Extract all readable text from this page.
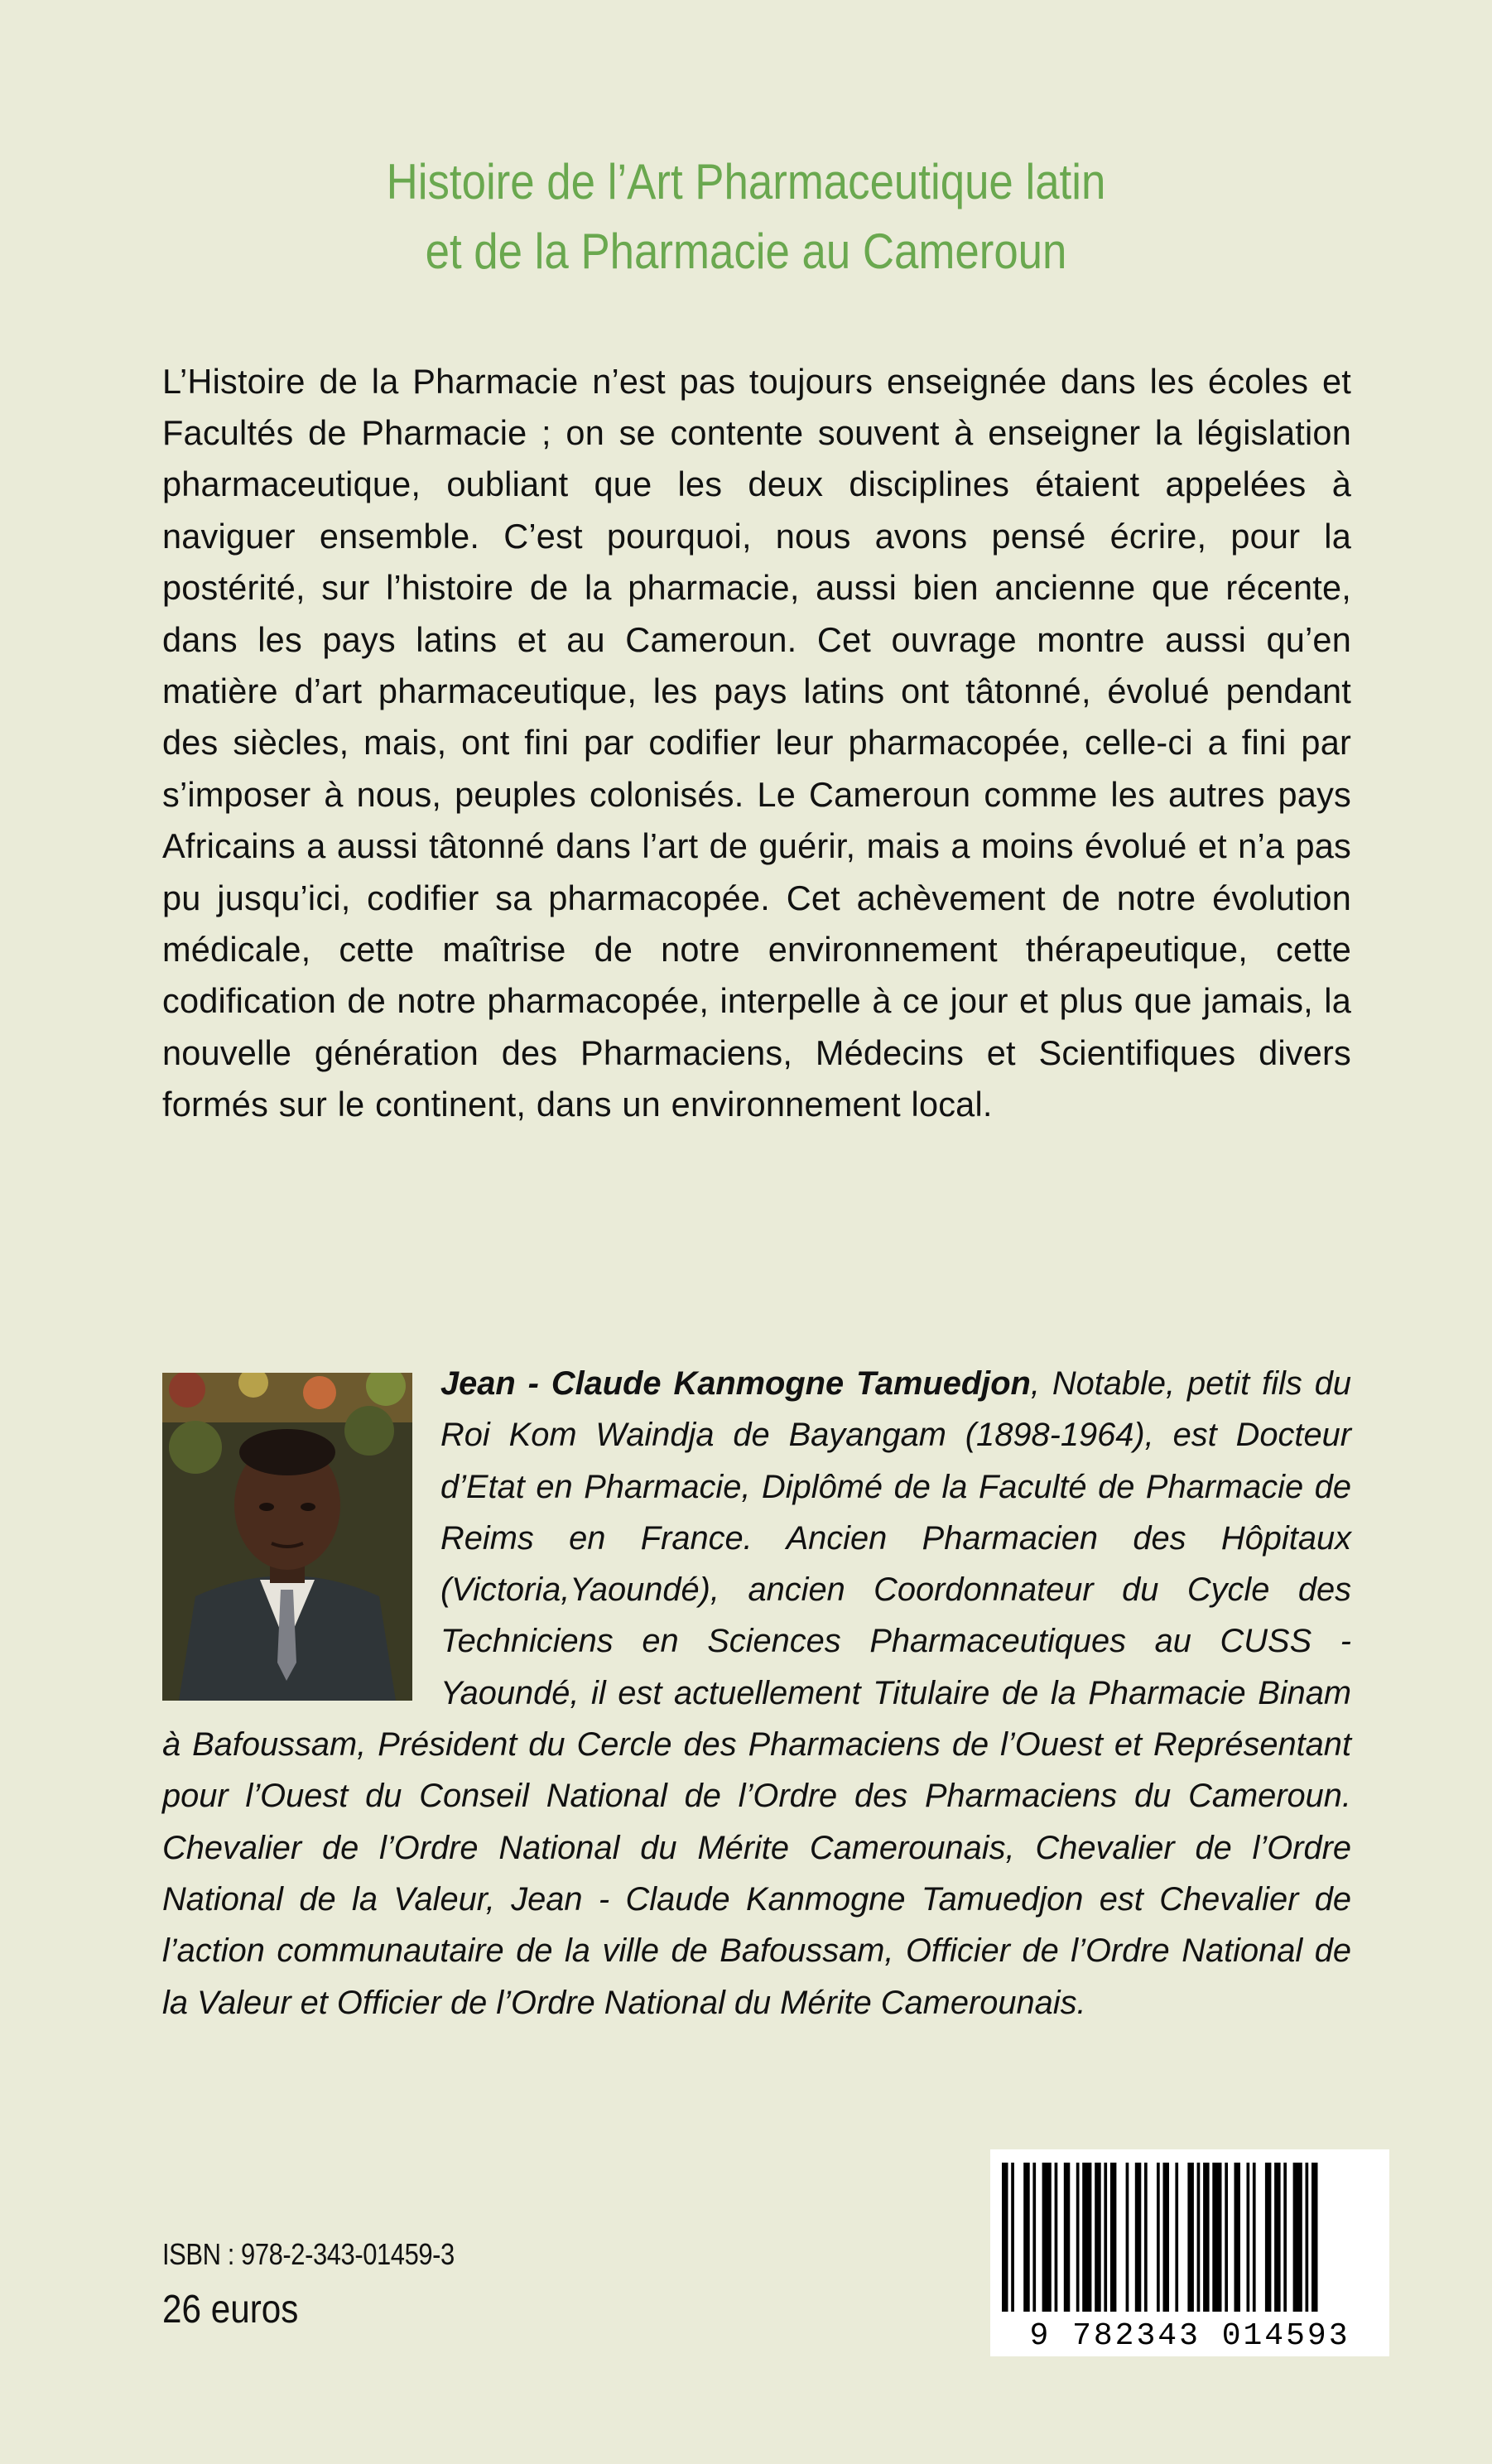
Histoire de l’Art Pharmaceutique latin
et de la Pharmacie au Cameroun

L’Histoire de la Pharmacie n’est pas toujours enseignée dans les écoles et Facultés de Pharmacie ; on se contente souvent à enseigner la législation pharmaceutique, oubliant que les deux disciplines étaient appelées à naviguer ensemble. C’est pourquoi, nous avons pensé écrire, pour la postérité, sur l’histoire de la pharmacie, aussi bien ancienne que récente, dans les pays latins et au Cameroun. Cet ouvrage montre aussi qu’en matière d’art pharmaceutique, les pays latins ont tâtonné, évolué pendant des siècles, mais, ont fini par codifier leur pharmacopée, celle-ci a fini par s’imposer à nous, peuples colonisés. Le Cameroun comme les autres pays Africains a aussi tâtonné dans l’art de guérir, mais a moins évolué et n’a pas pu jusqu’ici, codifier sa pharmacopée. Cet achèvement de notre évolution médicale, cette maîtrise de notre environnement thérapeutique, cette codification de notre pharmacopée, interpelle à ce jour et plus que jamais, la nouvelle génération des Pharmaciens, Médecins et Scientifiques divers formés sur le continent, dans un environnement local.

Jean - Claude Kanmogne Tamuedjon, Notable, petit fils du Roi Kom Waindja de Bayangam (1898-1964), est Docteur d’Etat en Pharmacie, Diplômé de la Faculté de Pharmacie de Reims en France. Ancien Pharmacien des Hôpitaux (Victoria,Yaoundé), ancien Coordonnateur du Cycle des Techniciens en Sciences Pharmaceutiques au CUSS - Yaoundé, il est actuellement Titulaire de la Pharmacie Binam à Bafoussam, Président du Cercle des Pharmaciens de l’Ouest et Représentant pour l’Ouest du Conseil National de l’Ordre des Pharmaciens du Cameroun. Chevalier de l’Ordre National du Mérite Camerounais, Chevalier de l’Ordre National de la Valeur, Jean - Claude Kanmogne Tamuedjon est Chevalier de l’action communautaire de la ville de Bafoussam, Officier de l’Ordre National de la Valeur et Officier de l’Ordre National du Mérite Camerounais.
ISBN : 978-2-343-01459-3
26 euros
9 782343 014593
